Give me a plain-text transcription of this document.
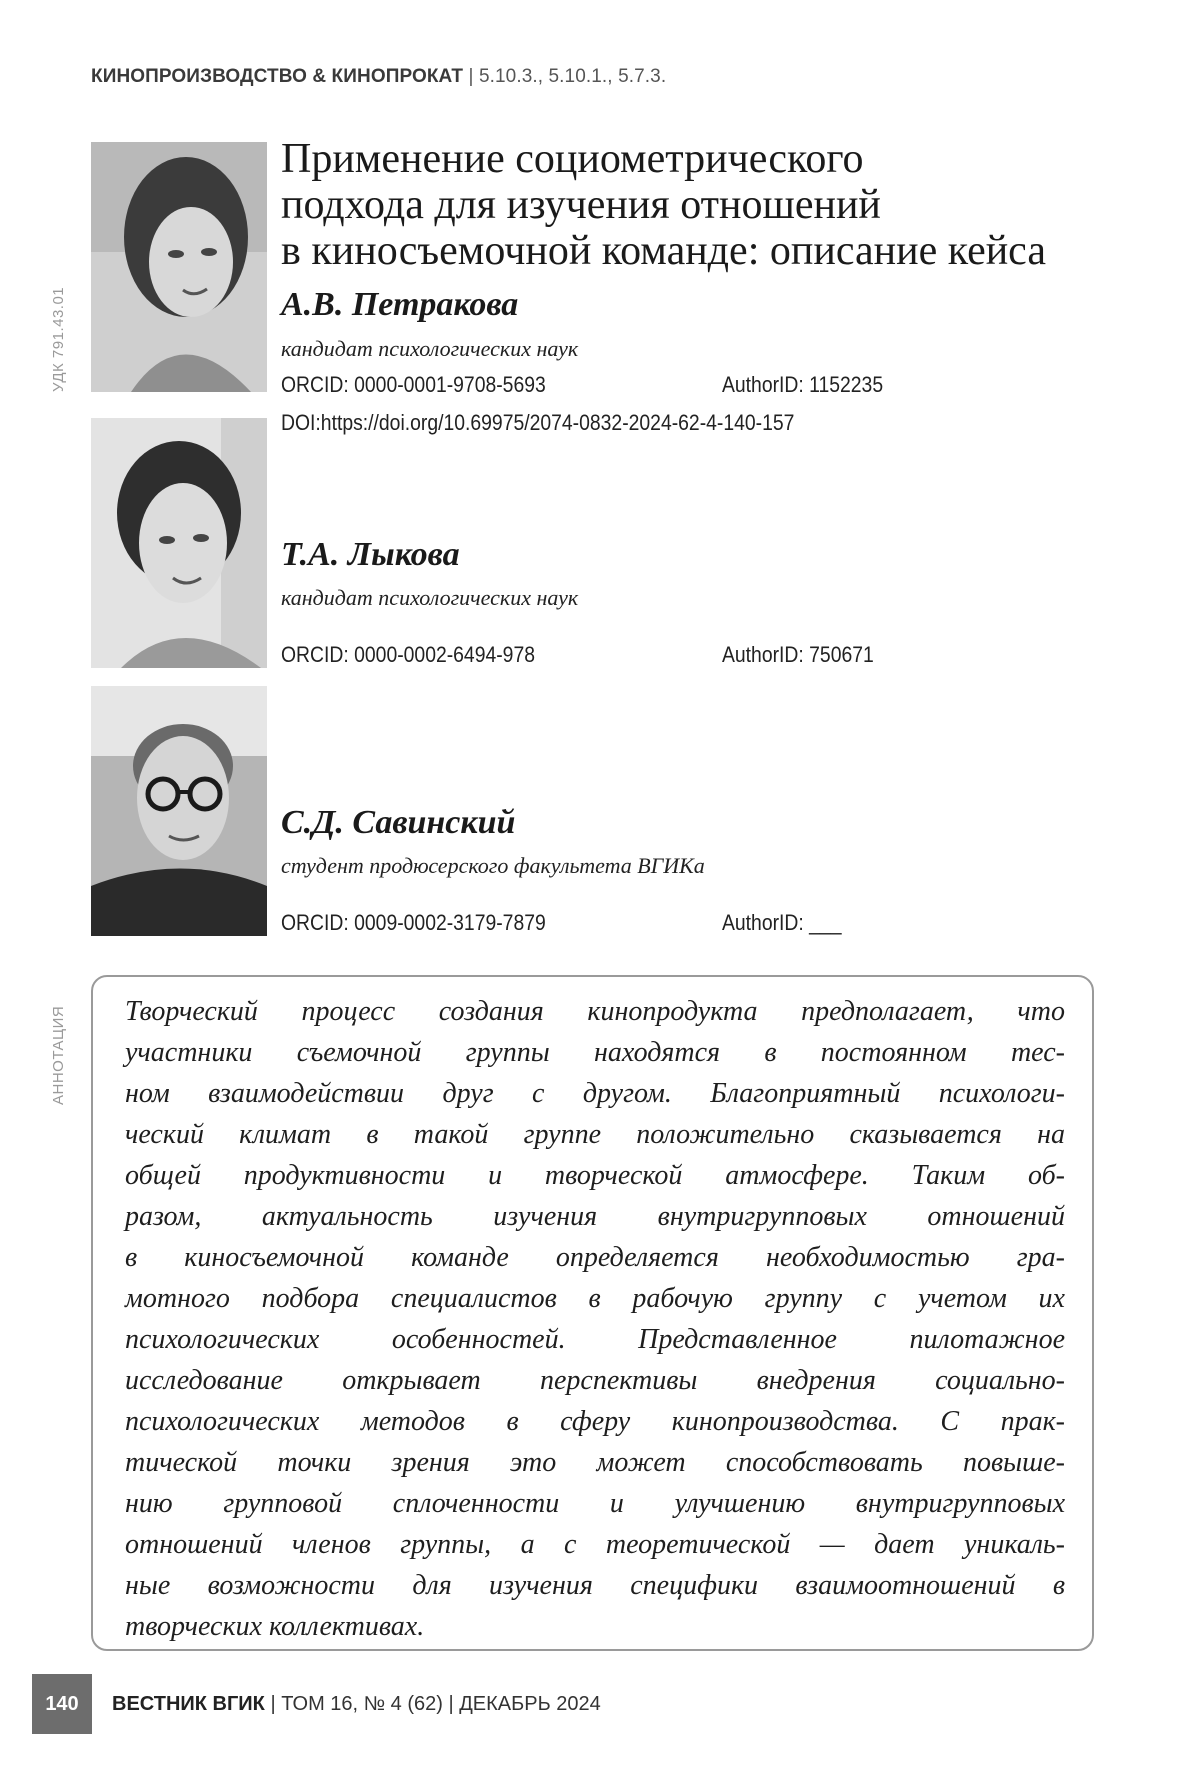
КИНОПРОИЗВОДСТВО & КИНОПРОКАТ | 5.10.3., 5.10.1., 5.7.3.
УДК 791.43.01
АННОТАЦИЯ
Применение социометрического
подхода для изучения отношений
в киносъемочной команде: описание кейса
А.В. Петракова
кандидат психологических наук
ORCID: 0000-0001-9708-5693	AuthorID: 1152235
DOI:https://doi.org/10.69975/2074-0832-2024-62-4-140-157
Т.А. Лыкова
кандидат психологических наук
ORCID: 0000-0002-6494-978	AuthorID: 750671
С.Д. Савинский
студент продюсерского факультета ВГИКа
ORCID: 0009-0002-3179-7879	AuthorID: ___
Творческий процесс создания кинопродукта предполагает, что
участники съемочной группы находятся в постоянном тес-
ном взаимодействии друг с другом. Благоприятный психологи-
ческий климат в такой группе положительно сказывается на
общей продуктивности и творческой атмосфере. Таким об-
разом, актуальность изучения внутригрупповых отношений
в киносъемочной команде определяется необходимостью гра-
мотного подбора специалистов в рабочую группу с учетом их
психологических особенностей. Представленное пилотажное
исследование открывает перспективы внедрения социально-
психологических методов в сферу кинопроизводства. С прак-
тической точки зрения это может способствовать повыше-
нию групповой сплоченности и улучшению внутригрупповых
отношений членов группы, а с теоретической — дает уникаль-
ные возможности для изучения специфики взаимоотношений в
творческих коллективах.
140	ВЕСТНИК ВГИК | ТОМ 16, № 4 (62) | ДЕКАБРЬ 2024
